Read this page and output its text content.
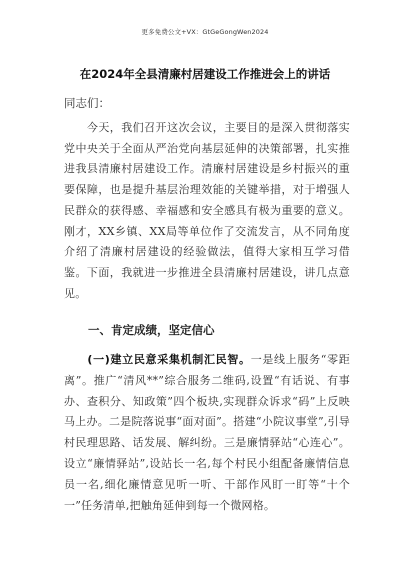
更多免费公文+VX：GtGeGongWen2024
在2024年全县清廉村居建设工作推进会上的讲话
同志们：

　　今天，我们召开这次会议，主要目的是深入贯彻落实党中央关于全面从严治党向基层延伸的决策部署，扎实推进我县清廉村居建设工作。清廉村居建设是乡村振兴的重要保障，也是提升基层治理效能的关键举措，对于增强人民群众的获得感、幸福感和安全感具有极为重要的意义。刚才，XX乡镇、XX局等单位作了交流发言，从不同角度介绍了清廉村居建设的经验做法，值得大家相互学习借鉴。下面，我就进一步推进全县清廉村居建设，讲几点意见。

一、肯定成绩，坚定信心

　　(一)建立民意采集机制汇民智。一是线上服务“零距离”。推广“清风**”综合服务二维码,设置“有话说、有事办、查积分、知政策”四个板块,实现群众诉求“码”上反映马上办。二是院落说事“面对面”。搭建“小院议事堂”,引导村民理思路、话发展、解纠纷。三是廉情驿站“心连心”。设立“廉情驿站”,设站长一名,每个村民小组配备廉情信息员一名,细化廉情意见听一听、干部作风盯一盯等“十个一”任务清单,把触角延伸到每一个微网格。
